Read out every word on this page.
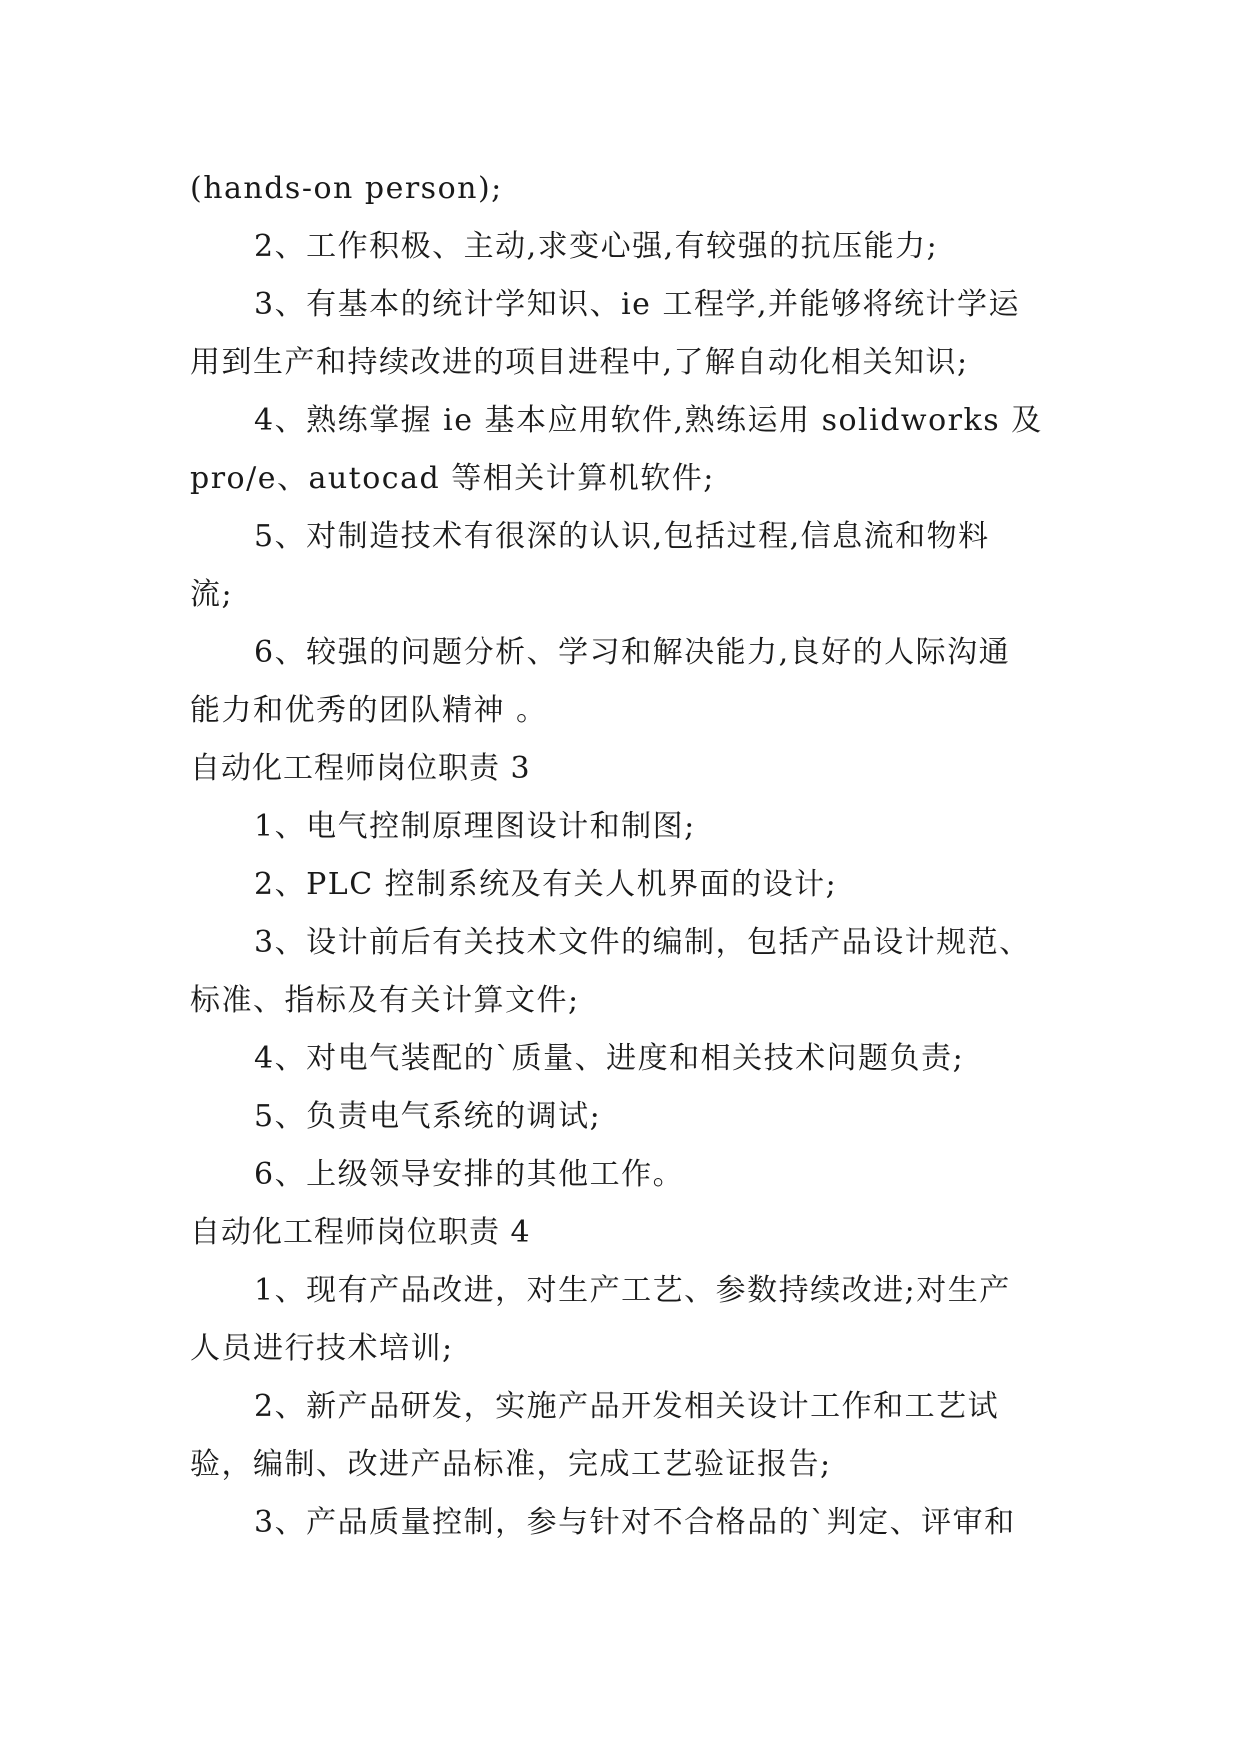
(hands-on person);
2、工作积极、主动,求变心强,有较强的抗压能力;
3、有基本的统计学知识、ie 工程学,并能够将统计学运
用到生产和持续改进的项目进程中,了解自动化相关知识;
4、熟练掌握 ie 基本应用软件,熟练运用 solidworks 及
pro/e、autocad 等相关计算机软件;
5、对制造技术有很深的认识,包括过程,信息流和物料
流;
6、较强的问题分析、学习和解决能力,良好的人际沟通
能力和优秀的团队精神 。
自动化工程师岗位职责 3
1、电气控制原理图设计和制图;
2、PLC 控制系统及有关人机界面的设计;
3、设计前后有关技术文件的编制，包括产品设计规范、
标准、指标及有关计算文件;
4、对电气装配的`质量、进度和相关技术问题负责;
5、负责电气系统的调试;
6、上级领导安排的其他工作。
自动化工程师岗位职责 4
1、现有产品改进，对生产工艺、参数持续改进;对生产
人员进行技术培训;
2、新产品研发，实施产品开发相关设计工作和工艺试
验，编制、改进产品标准，完成工艺验证报告;
3、产品质量控制，参与针对不合格品的`判定、评审和
